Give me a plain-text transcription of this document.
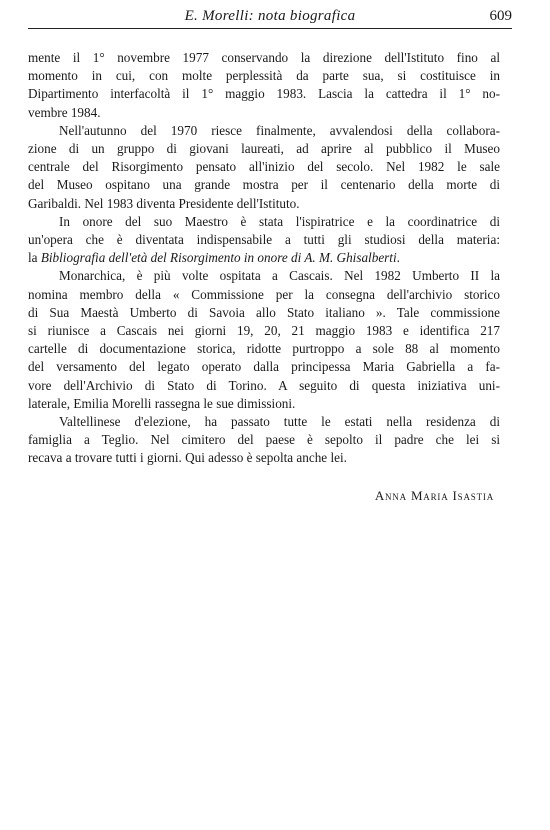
E. Morelli: nota biografica	609

mente il 1° novembre 1977 conservando la direzione dell'Istituto fino al
momento in cui, con molte perplessità da parte sua, si costituisce in
Dipartimento interfacoltà il 1° maggio 1983. Lascia la cattedra il 1° no-
vembre 1984.

Nell'autunno del 1970 riesce finalmente, avvalendosi della collabora-
zione di un gruppo di giovani laureati, ad aprire al pubblico il Museo
centrale del Risorgimento pensato all'inizio del secolo. Nel 1982 le sale
del Museo ospitano una grande mostra per il centenario della morte di
Garibaldi. Nel 1983 diventa Presidente dell'Istituto.

In onore del suo Maestro è stata l'ispiratrice e la coordinatrice di
un'opera che è diventata indispensabile a tutti gli studiosi della materia:
la Bibliografia dell'età del Risorgimento in onore di A. M. Ghisalberti.

Monarchica, è più volte ospitata a Cascais. Nel 1982 Umberto II la
nomina membro della « Commissione per la consegna dell'archivio storico
di Sua Maestà Umberto di Savoia allo Stato italiano ». Tale commissione
si riunisce a Cascais nei giorni 19, 20, 21 maggio 1983 e identifica 217
cartelle di documentazione storica, ridotte purtroppo a sole 88 al momento
del versamento del legato operato dalla principessa Maria Gabriella a fa-
vore dell'Archivio di Stato di Torino. A seguito di questa iniziativa uni-
laterale, Emilia Morelli rassegna le sue dimissioni.

Valtellinese d'elezione, ha passato tutte le estati nella residenza di
famiglia a Teglio. Nel cimitero del paese è sepolto il padre che lei si
recava a trovare tutti i giorni. Qui adesso è sepolta anche lei.

Anna Maria Isastia
